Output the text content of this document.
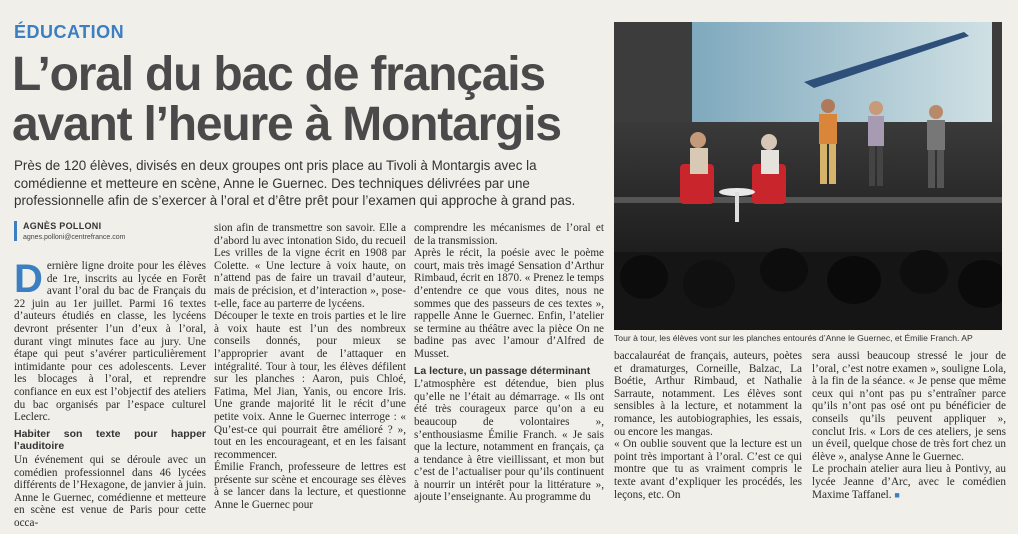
ÉDUCATION
L’oral du bac de français
avant l’heure à Montargis
Près de 120 élèves, divisés en deux groupes ont pris place au Tivoli à Montargis avec la comédienne et metteure en scène, Anne le Guernec. Des techniques délivrées par une professionnelle afin de s’exercer à l’oral et d’être prêt pour l’examen qui approche à grand pas.
AGNÈS POLLONI
agnes.polloni@centrefrance.com
D ernière ligne droite pour les élèves de 1re, inscrits au lycée en Forêt avant l’oral du bac de Français du 22 juin au 1er juillet. Parmi 16 textes d’auteurs étudiés en classe, les lycéens devront présenter l’un d’eux à l’oral, durant vingt minutes face au jury. Une étape qui peut s’avérer particulièrement intimidante pour ces adolescents. Lever les blocages à l’oral, et reprendre confiance en eux est l’objectif des ateliers du bac organisés par l’espace culturel Leclerc.

Habiter son texte pour happer l’auditoire

Un événement qui se déroule avec un comédien professionnel dans 46 lycées différents de l’Hexagone, de janvier à juin. Anne le Guernec, comédienne et metteure en scène est venue de Paris pour cette occa-

sion afin de transmettre son savoir. Elle a d’abord lu avec intonation Sido, du recueil Les vrilles de la vigne écrit en 1908 par Colette. « Une lecture à voix haute, on n’attend pas de faire un travail d’auteur, mais de précision, et d’interaction », pose-t-elle, face au parterre de lycéens.

Découper le texte en trois parties et le lire à voix haute est l’un des nombreux conseils donnés, pour mieux se l’approprier avant de l’attaquer en intégralité. Tour à tour, les élèves défilent sur les planches : Aaron, puis Chloé, Fatima, Mel Jian, Yanis, ou encore Iris. Une grande majorité lit le récit d’une petite voix. Anne le Guernec interroge : « Qu’est-ce qui pourrait être amélioré ? », tout en les encourageant, et en les faisant recommencer.

Émilie Franch, professeure de lettres est présente sur scène et encourage ses élèves à se lancer dans la lecture, et questionne Anne le Guernec pour

comprendre les mécanismes de l’oral et de la transmission.

Après le récit, la poésie avec le poème court, mais très imagé Sensation d’Arthur Rimbaud, écrit en 1870. « Prenez le temps d’entendre ce que vous dites, nous ne sommes que des passeurs de ces textes », rappelle Anne le Guernec. Enfin, l’atelier se termine au théâtre avec la pièce On ne badine pas avec l’amour d’Alfred de Musset.

La lecture, un passage déterminant

L’atmosphère est détendue, bien plus qu’elle ne l’était au démarrage. « Ils ont été très courageux parce qu’on a eu beaucoup de volontaires », s’enthousiasme Émilie Franch. « Je sais que la lecture, notamment en français, ça a tendance à être vieillissant, et mon but c’est de l’actualiser pour qu’ils continuent à nourrir un intérêt pour la littérature », ajoute l’enseignante. Au programme du

Tour à tour, les élèves vont sur les planches entourés d’Anne le Guernec, et Émilie Franch. AP

baccalauréat de français, auteurs, poètes et dramaturges, Corneille, Balzac, La Boétie, Arthur Rimbaud, et Nathalie Sarraute, notamment. Les élèves sont sensibles à la lecture, et notamment la romance, les autobiographies, les essais, ou encore les mangas.

« On oublie souvent que la lecture est un point très important à l’oral. C’est ce qui montre que tu as vraiment compris le texte avant d’expliquer les procédés, les leçons, etc. On

sera aussi beaucoup stressé le jour de l’oral, c’est notre examen », souligne Lola, à la fin de la séance. « Je pense que même ceux qui n’ont pas pu s’entraîner parce qu’ils n’ont pas osé ont pu bénéficier de conseils qu’ils peuvent appliquer », conclut Iris. « Lors de ces ateliers, je sens un éveil, quelque chose de très fort chez un élève », analyse Anne le Guernec.

Le prochain atelier aura lieu à Pontivy, au lycée Jeanne d’Arc, avec le comédien Maxime Taffanel. ■
